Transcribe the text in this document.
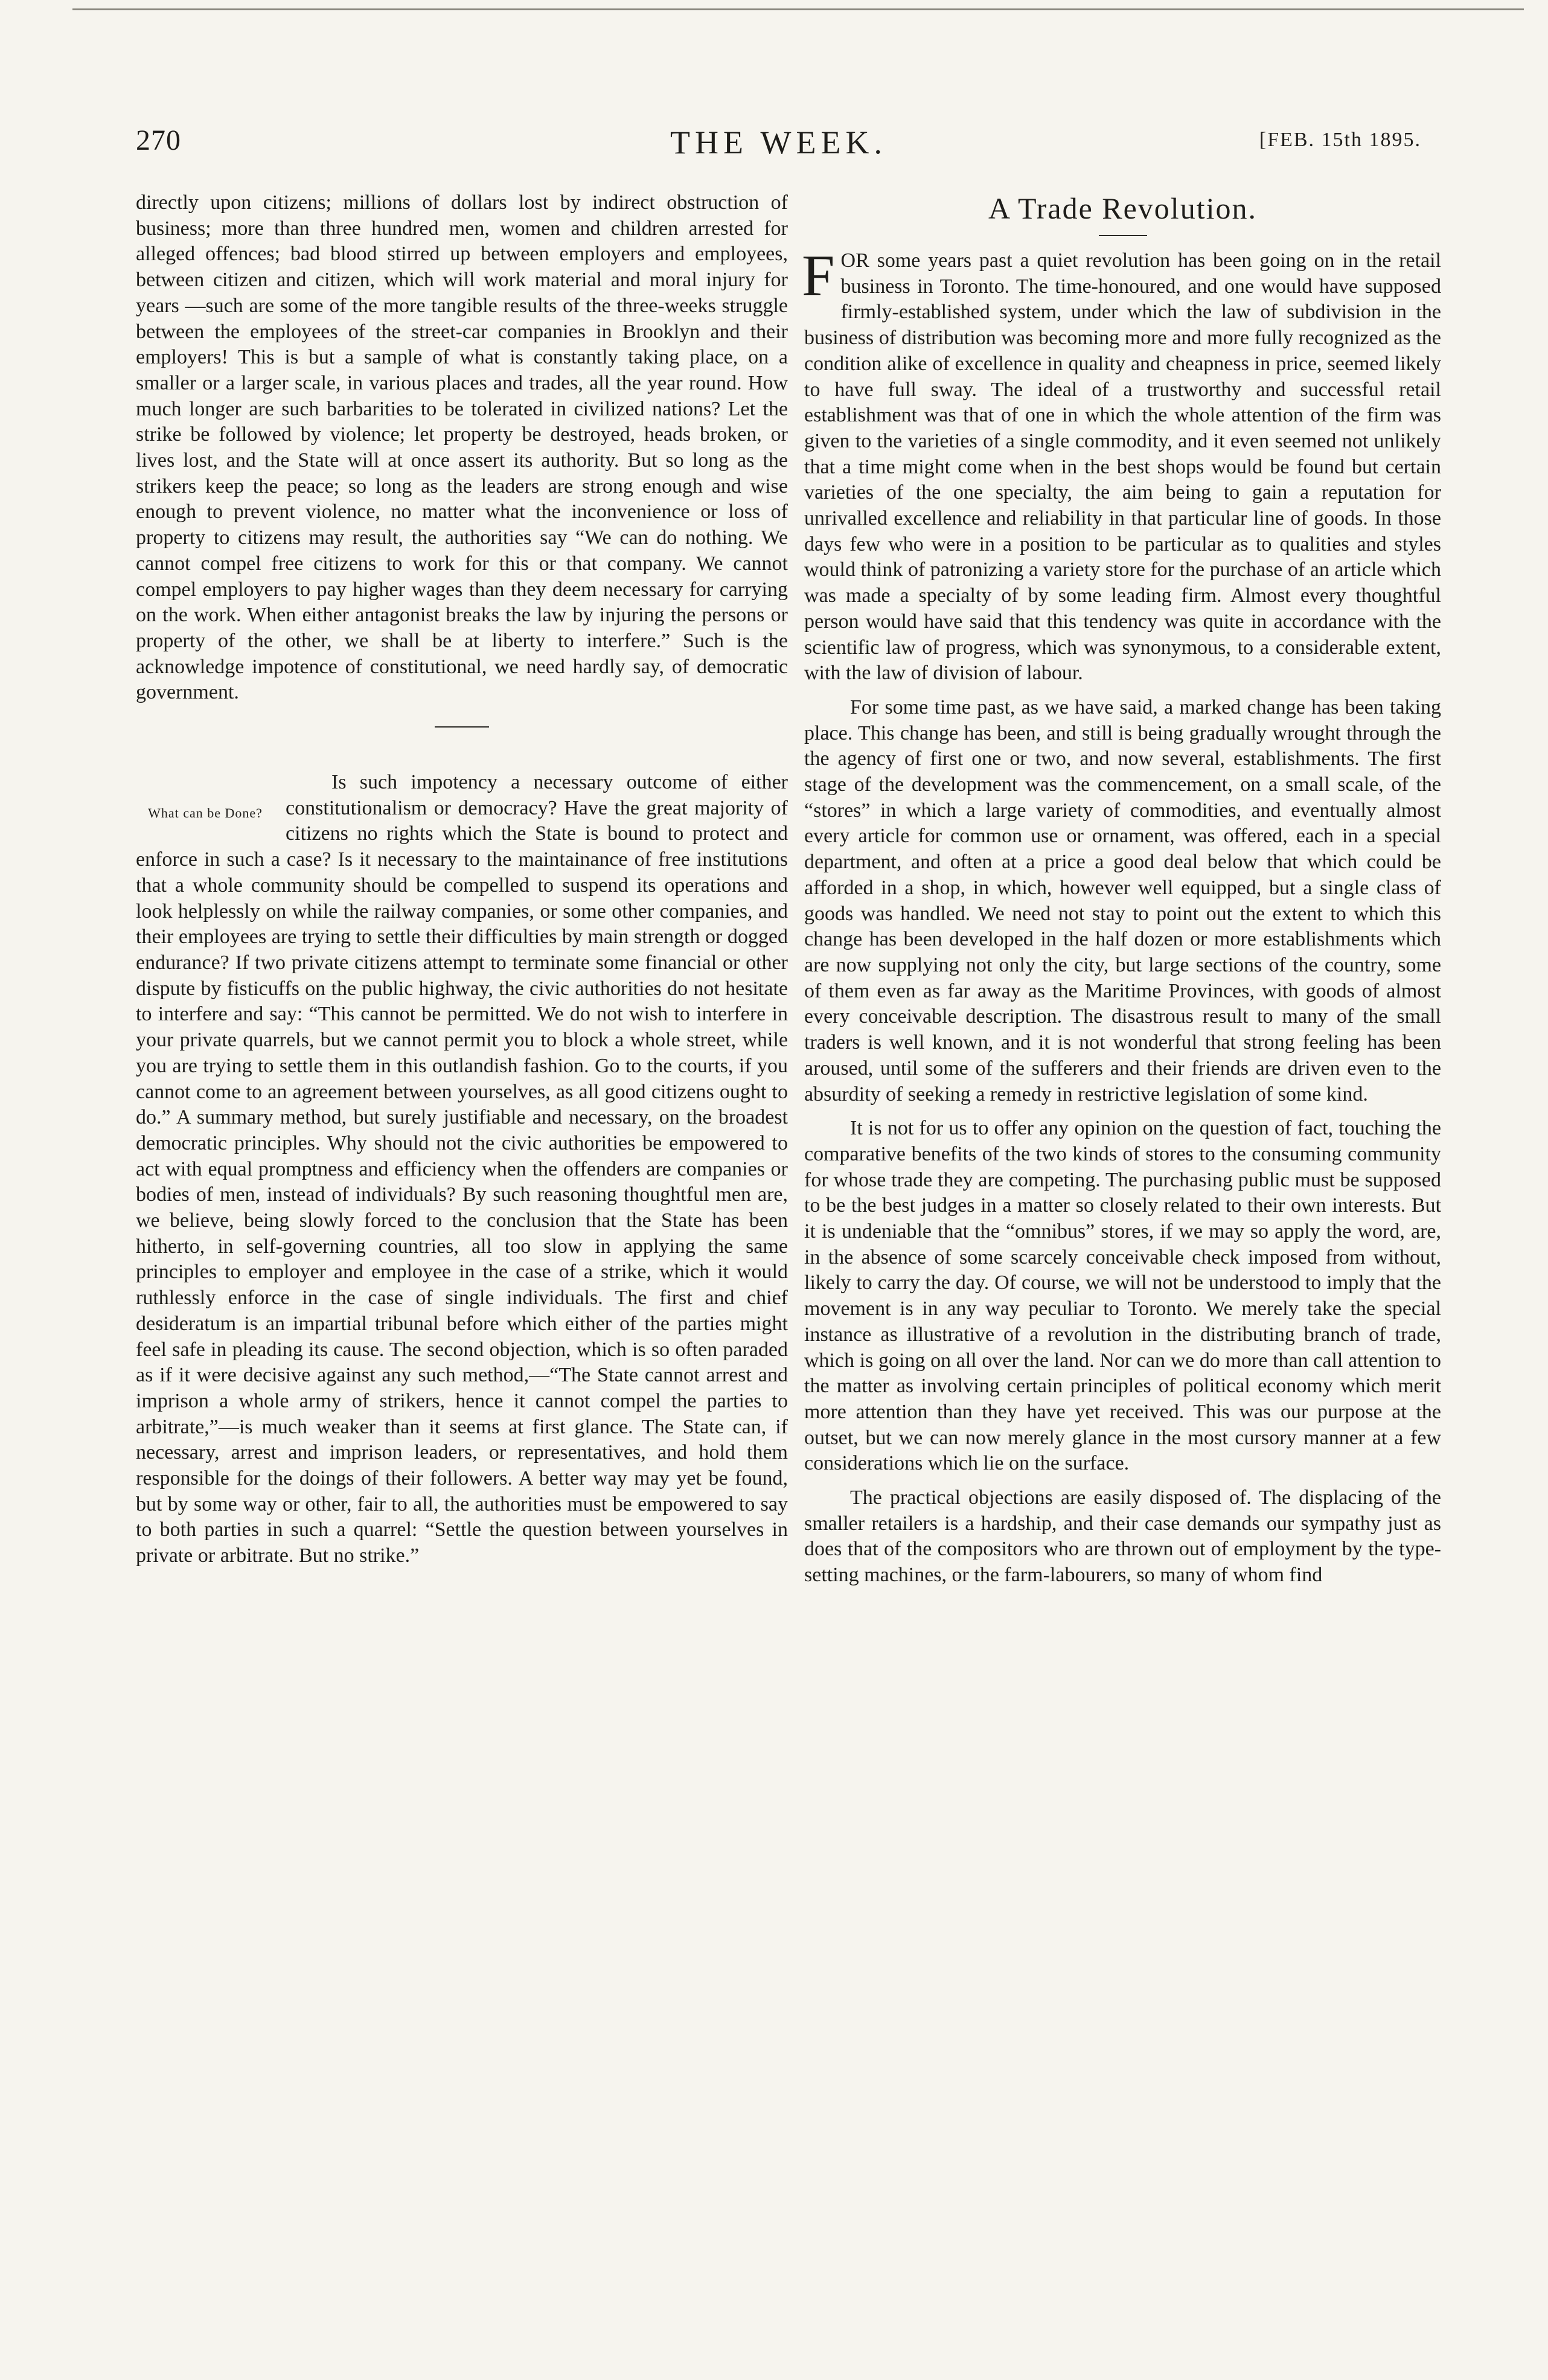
270	THE WEEK.	[FEB. 15th 1895.

directly upon citizens; millions of dollars lost by indirect obstruction of business; more than three hundred men, women and children arrested for alleged offences; bad blood stirred up between employers and employees, between citizen and citizen, which will work material and moral injury for years —such are some of the more tangible results of the three-weeks struggle between the employees of the street-car companies in Brooklyn and their employers! This is but a sample of what is constantly taking place, on a smaller or a larger scale, in various places and trades, all the year round. How much longer are such barbarities to be tolerated in civilized nations? Let the strike be followed by violence; let property be destroyed, heads broken, or lives lost, and the State will at once assert its authority. But so long as the strikers keep the peace; so long as the leaders are strong enough and wise enough to prevent violence, no matter what the inconvenience or loss of property to citizens may result, the authorities say “We can do nothing. We cannot compel free citizens to work for this or that company. We cannot compel employers to pay higher wages than they deem necessary for carrying on the work. When either antagonist breaks the law by injuring the persons or property of the other, we shall be at liberty to interfere.” Such is the acknowledge impotence of constitutional, we need hardly say, of democratic government.

What can be Done?

Is such impotency a necessary outcome of either constitutionalism or democracy? Have the great majority of citizens no rights which the State is bound to protect and enforce in such a case? Is it necessary to the maintainance of free institutions that a whole community should be compelled to suspend its operations and look helplessly on while the railway companies, or some other companies, and their employees are trying to settle their difficulties by main strength or dogged endurance? If two private citizens attempt to terminate some financial or other dispute by fisticuffs on the public highway, the civic authorities do not hesitate to interfere and say: “This cannot be permitted. We do not wish to interfere in your private quarrels, but we cannot permit you to block a whole street, while you are trying to settle them in this outlandish fashion. Go to the courts, if you cannot come to an agreement between yourselves, as all good citizens ought to do.” A summary method, but surely justifiable and necessary, on the broadest democratic principles. Why should not the civic authorities be empowered to act with equal promptness and efficiency when the offenders are companies or bodies of men, instead of individuals? By such reasoning thoughtful men are, we believe, being slowly forced to the conclusion that the State has been hitherto, in self-governing countries, all too slow in applying the same principles to employer and employee in the case of a strike, which it would ruthlessly enforce in the case of single individuals. The first and chief desideratum is an impartial tribunal before which either of the parties might feel safe in pleading its cause. The second objection, which is so often paraded as if it were decisive against any such method,—“The State cannot arrest and imprison a whole army of strikers, hence it cannot compel the parties to arbitrate,”—is much weaker than it seems at first glance. The State can, if necessary, arrest and imprison leaders, or representatives, and hold them responsible for the doings of their followers. A better way may yet be found, but by some way or other, fair to all, the authorities must be empowered to say to both parties in such a quarrel: “Settle the question between yourselves in private or arbitrate. But no strike.”

A Trade Revolution.

FOR some years past a quiet revolution has been going on in the retail business in Toronto. The time-honoured, and one would have supposed firmly-established system, under which the law of subdivision in the business of distribution was becoming more and more fully recognized as the condition alike of excellence in quality and cheapness in price, seemed likely to have full sway. The ideal of a trustworthy and successful retail establishment was that of one in which the whole attention of the firm was given to the varieties of a single commodity, and it even seemed not unlikely that a time might come when in the best shops would be found but certain varieties of the one specialty, the aim being to gain a reputation for unrivalled excellence and reliability in that particular line of goods. In those days few who were in a position to be particular as to qualities and styles would think of patronizing a variety store for the purchase of an article which was made a specialty of by some leading firm. Almost every thoughtful person would have said that this tendency was quite in accordance with the scientific law of progress, which was synonymous, to a considerable extent, with the law of division of labour.

For some time past, as we have said, a marked change has been taking place. This change has been, and still is being gradually wrought through the the agency of first one or two, and now several, establishments. The first stage of the development was the commencement, on a small scale, of the “stores” in which a large variety of commodities, and eventually almost every article for common use or ornament, was offered, each in a special department, and often at a price a good deal below that which could be afforded in a shop, in which, however well equipped, but a single class of goods was handled. We need not stay to point out the extent to which this change has been developed in the half dozen or more establishments which are now supplying not only the city, but large sections of the country, some of them even as far away as the Maritime Provinces, with goods of almost every conceivable description. The disastrous result to many of the small traders is well known, and it is not wonderful that strong feeling has been aroused, until some of the sufferers and their friends are driven even to the absurdity of seeking a remedy in restrictive legislation of some kind.

It is not for us to offer any opinion on the question of fact, touching the comparative benefits of the two kinds of stores to the consuming community for whose trade they are competing. The purchasing public must be supposed to be the best judges in a matter so closely related to their own interests. But it is undeniable that the “omnibus” stores, if we may so apply the word, are, in the absence of some scarcely conceivable check imposed from without, likely to carry the day. Of course, we will not be understood to imply that the movement is in any way peculiar to Toronto. We merely take the special instance as illustrative of a revolution in the distributing branch of trade, which is going on all over the land. Nor can we do more than call attention to the matter as involving certain principles of political economy which merit more attention than they have yet received. This was our purpose at the outset, but we can now merely glance in the most cursory manner at a few considerations which lie on the surface.

The practical objections are easily disposed of. The displacing of the smaller retailers is a hardship, and their case demands our sympathy just as does that of the compositors who are thrown out of employment by the type-setting machines, or the farm-labourers, so many of whom find
